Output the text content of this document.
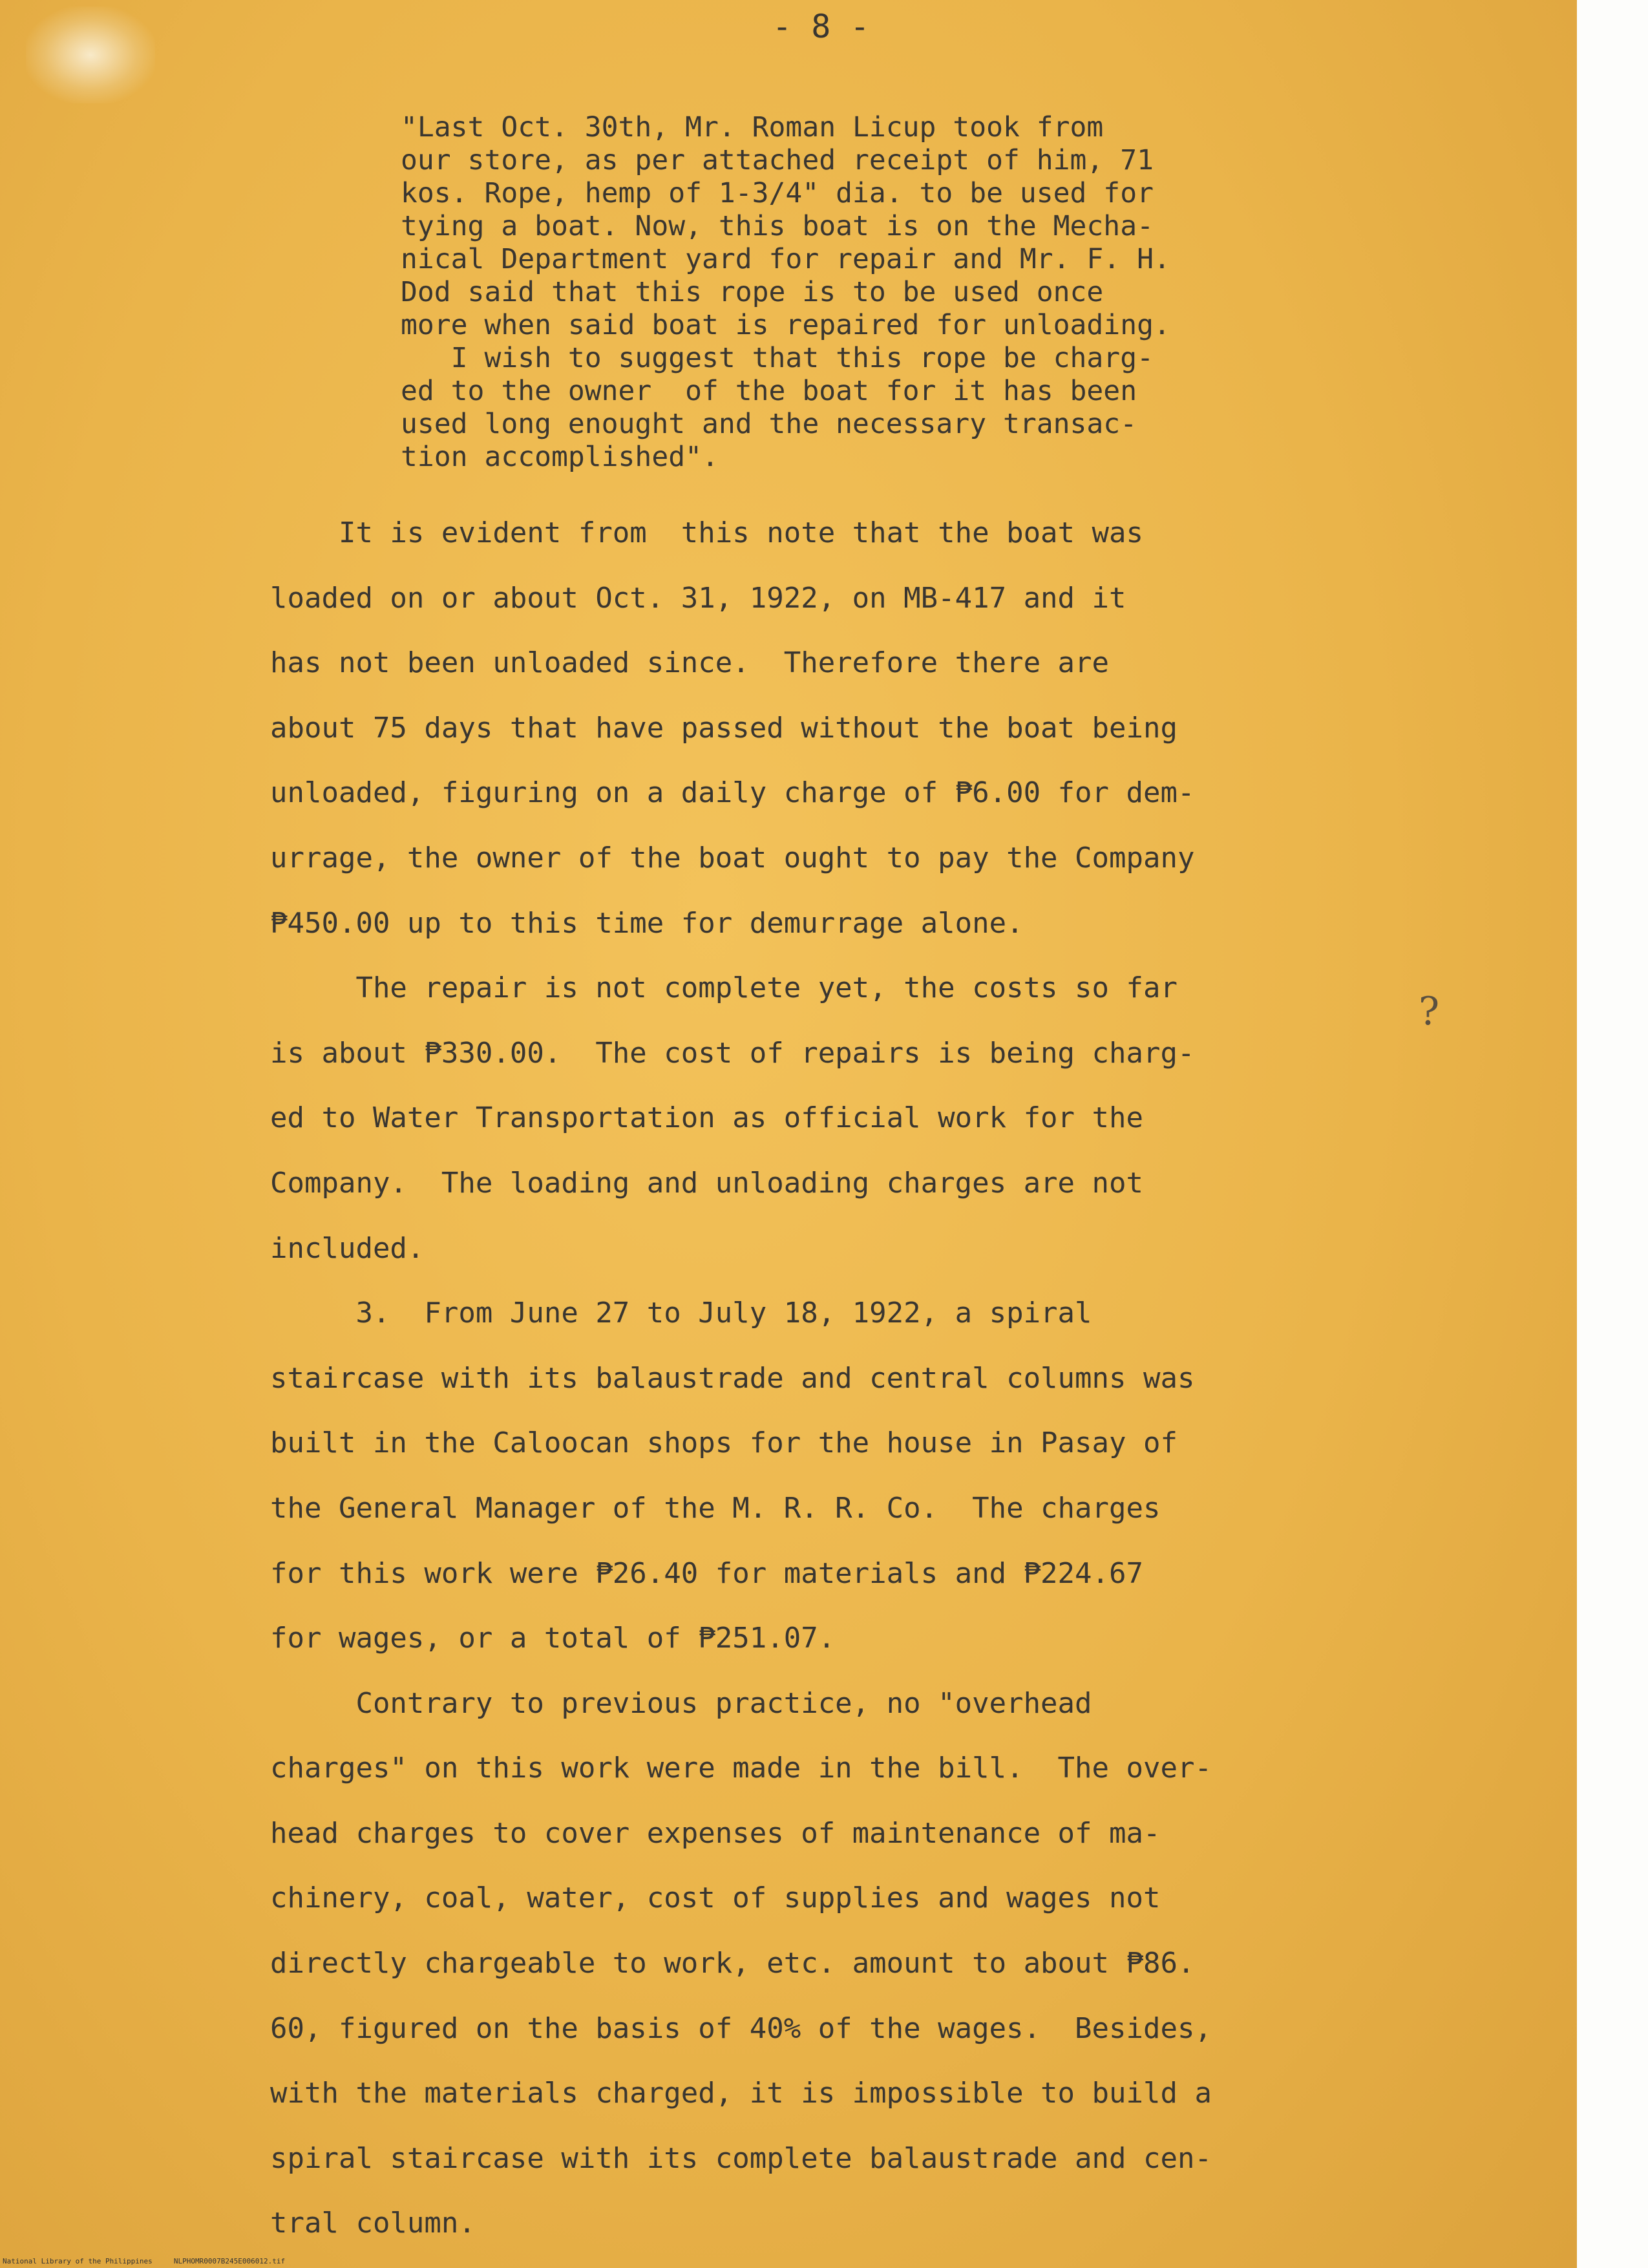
- 8 -

"Last Oct. 30th, Mr. Roman Licup took from
our store, as per attached receipt of him, 71
kos. Rope, hemp of 1-3/4" dia. to be used for
tying a boat. Now, this boat is on the Mecha-
nical Department yard for repair and Mr. F. H.
Dod said that this rope is to be used once
more when said boat is repaired for unloading.
I wish to suggest that this rope be charg-
ed to the owner  of the boat for it has been
used long enought and the necessary transac-
tion accomplished".
It is evident from  this note that the boat was
loaded on or about Oct. 31, 1922, on MB-417 and it
has not been unloaded since.  Therefore there are
about 75 days that have passed without the boat being
unloaded, figuring on a daily charge of ₱6.00 for dem-
urrage, the owner of the boat ought to pay the Company
₱450.00 up to this time for demurrage alone.
The repair is not complete yet, the costs so far
is about ₱330.00.  The cost of repairs is being charg-
ed to Water Transportation as official work for the
Company.  The loading and unloading charges are not
included.
3.  From June 27 to July 18, 1922, a spiral
staircase with its balaustrade and central columns was
built in the Caloocan shops for the house in Pasay of
the General Manager of the M. R. R. Co.  The charges
for this work were ₱26.40 for materials and ₱224.67
for wages, or a total of ₱251.07.
Contrary to previous practice, no "overhead
charges" on this work were made in the bill.  The over-
head charges to cover expenses of maintenance of ma-
chinery, coal, water, cost of supplies and wages not
directly chargeable to work, etc. amount to about ₱86.
60, figured on the basis of 40% of the wages.  Besides,
with the materials charged, it is impossible to build a
spiral staircase with its complete balaustrade and cen-
tral column.
?

National Library of the Philippines     NLPHOMR0007B245E006012.tif
